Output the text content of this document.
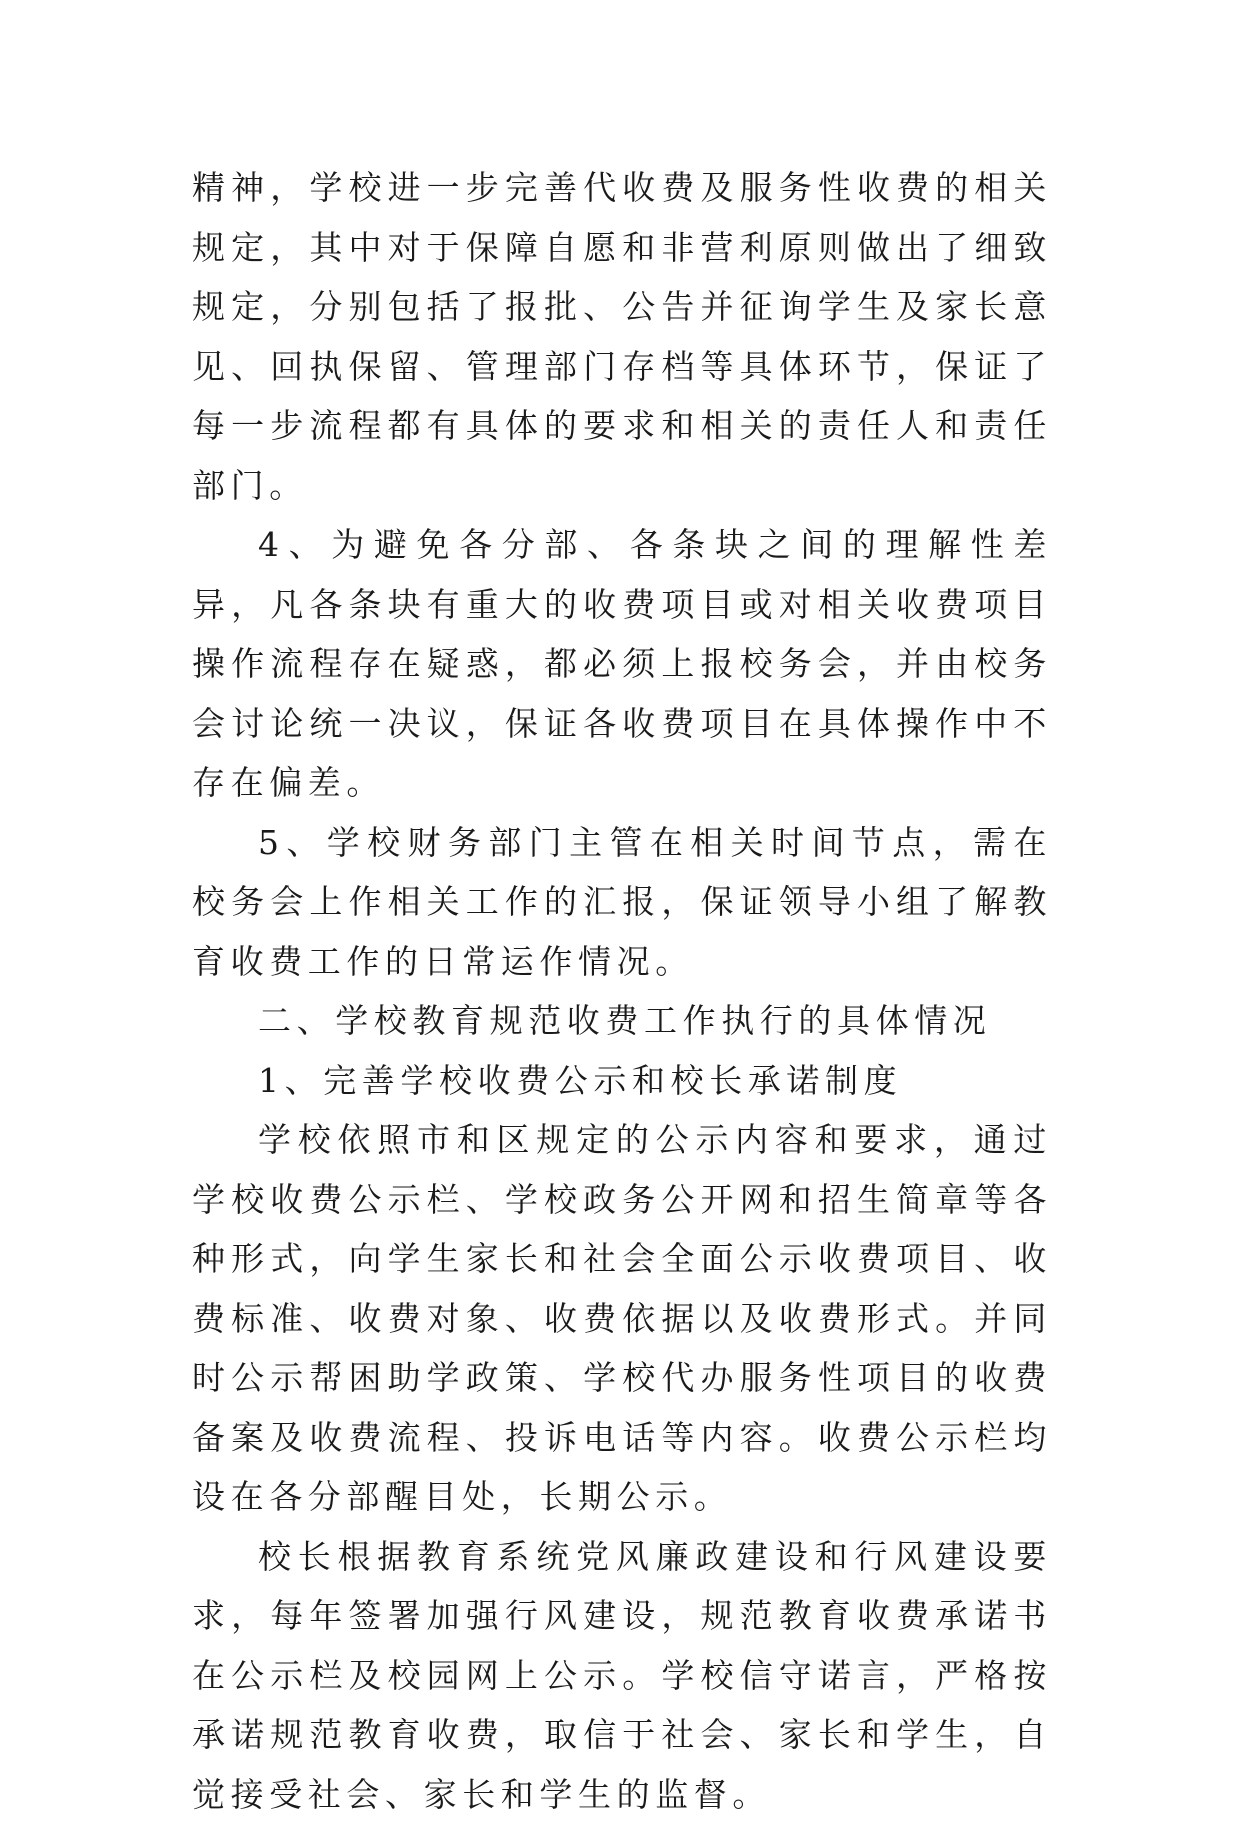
精神，学校进一步完善代收费及服务性收费的相关规定，其中对于保障自愿和非营利原则做出了细致规定，分别包括了报批、公告并征询学生及家长意见、回执保留、管理部门存档等具体环节，保证了每一步流程都有具体的要求和相关的责任人和责任部门。

4、为避免各分部、各条块之间的理解性差异，凡各条块有重大的收费项目或对相关收费项目操作流程存在疑惑，都必须上报校务会，并由校务会讨论统一决议，保证各收费项目在具体操作中不存在偏差。

5、学校财务部门主管在相关时间节点，需在校务会上作相关工作的汇报，保证领导小组了解教育收费工作的日常运作情况。

二、学校教育规范收费工作执行的具体情况

1、完善学校收费公示和校长承诺制度

学校依照市和区规定的公示内容和要求，通过学校收费公示栏、学校政务公开网和招生简章等各种形式，向学生家长和社会全面公示收费项目、收费标准、收费对象、收费依据以及收费形式。并同时公示帮困助学政策、学校代办服务性项目的收费备案及收费流程、投诉电话等内容。收费公示栏均设在各分部醒目处，长期公示。

校长根据教育系统党风廉政建设和行风建设要求，每年签署加强行风建设，规范教育收费承诺书在公示栏及校园网上公示。学校信守诺言，严格按承诺规范教育收费，取信于社会、家长和学生，自觉接受社会、家长和学生的监督。
